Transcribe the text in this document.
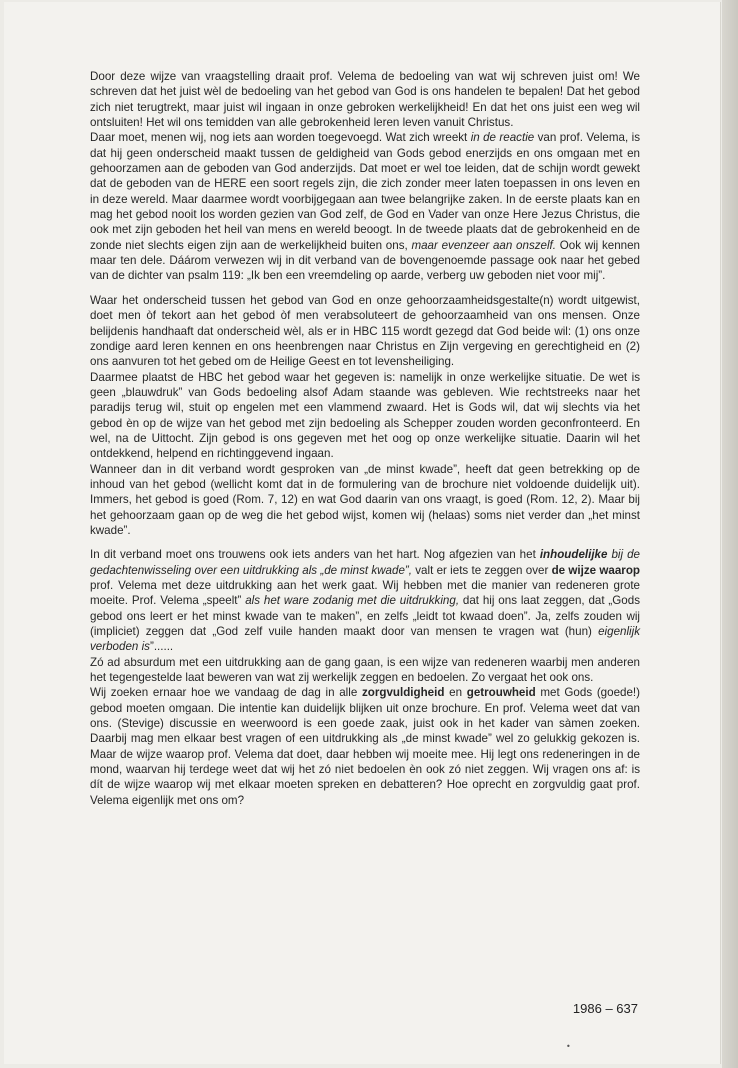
Door deze wijze van vraagstelling draait prof. Velema de bedoeling van wat wij schreven juist om! We schreven dat het juist wèl de bedoeling van het gebod van God is ons handelen te bepalen! Dat het gebod zich niet terugtrekt, maar juist wil ingaan in onze gebroken werkelijkheid! En dat het ons juist een weg wil ontsluiten! Het wil ons temidden van alle gebrokenheid leren leven vanuit Christus.

Daar moet, menen wij, nog iets aan worden toegevoegd. Wat zich wreekt in de reactie van prof. Velema, is dat hij geen onderscheid maakt tussen de geldigheid van Gods gebod enerzijds en ons omgaan met en gehoorzamen aan de geboden van God anderzijds. Dat moet er wel toe leiden, dat de schijn wordt gewekt dat de geboden van de HERE een soort regels zijn, die zich zonder meer laten toepassen in ons leven en in deze wereld. Maar daarmee wordt voorbijgegaan aan twee belangrijke zaken. In de eerste plaats kan en mag het gebod nooit los worden gezien van God zelf, de God en Vader van onze Here Jezus Christus, die ook met zijn geboden het heil van mens en wereld beoogt. In de tweede plaats dat de gebrokenheid en de zonde niet slechts eigen zijn aan de werkelijkheid buiten ons, maar evenzeer aan onszelf. Ook wij kennen maar ten dele. Dáárom verwezen wij in dit verband van de bovengenoemde passage ook naar het gebed van de dichter van psalm 119: „Ik ben een vreemdeling op aarde, verberg uw geboden niet voor mij”.

Waar het onderscheid tussen het gebod van God en onze gehoorzaamheidsgestalte(n) wordt uitgewist, doet men òf tekort aan het gebod òf men verabsoluteert de gehoorzaamheid van ons mensen. Onze belijdenis handhaaft dat onderscheid wèl, als er in HBC 115 wordt gezegd dat God beide wil: (1) ons onze zondige aard leren kennen en ons heenbrengen naar Christus en Zijn vergeving en gerechtigheid en (2) ons aanvuren tot het gebed om de Heilige Geest en tot levensheiliging.

Daarmee plaatst de HBC het gebod waar het gegeven is: namelijk in onze werkelijke situatie. De wet is geen „blauwdruk” van Gods bedoeling alsof Adam staande was gebleven. Wie rechtstreeks naar het paradijs terug wil, stuit op engelen met een vlammend zwaard. Het is Gods wil, dat wij slechts via het gebod èn op de wijze van het gebod met zijn bedoeling als Schepper zouden worden geconfronteerd. En wel, na de Uittocht. Zijn gebod is ons gegeven met het oog op onze werkelijke situatie. Daarin wil het ontdekkend, helpend en richtinggevend ingaan.

Wanneer dan in dit verband wordt gesproken van „de minst kwade”, heeft dat geen betrekking op de inhoud van het gebod (wellicht komt dat in de formulering van de brochure niet voldoende duidelijk uit). Immers, het gebod is goed (Rom. 7, 12) en wat God daarin van ons vraagt, is goed (Rom. 12, 2). Maar bij het gehoorzaam gaan op de weg die het gebod wijst, komen wij (helaas) soms niet verder dan „het minst kwade”.

In dit verband moet ons trouwens ook iets anders van het hart. Nog afgezien van het inhoudelijke bij de gedachtenwisseling over een uitdrukking als „de minst kwade”, valt er iets te zeggen over de wijze waarop prof. Velema met deze uitdrukking aan het werk gaat. Wij hebben met die manier van redeneren grote moeite. Prof. Velema „speelt” als het ware zodanig met die uitdrukking, dat hij ons laat zeggen, dat „Gods gebod ons leert er het minst kwade van te maken”, en zelfs „leidt tot kwaad doen”. Ja, zelfs zouden wij (impliciet) zeggen dat „God zelf vuile handen maakt door van mensen te vragen wat (hun) eigenlijk verboden is”......

Zó ad absurdum met een uitdrukking aan de gang gaan, is een wijze van redeneren waarbij men anderen het tegengestelde laat beweren van wat zij werkelijk zeggen en bedoelen. Zo vergaat het ook ons.

Wij zoeken ernaar hoe we vandaag de dag in alle zorgvuldigheid en getrouwheid met Gods (goede!) gebod moeten omgaan. Die intentie kan duidelijk blijken uit onze brochure. En prof. Velema weet dat van ons. (Stevige) discussie en weerwoord is een goede zaak, juist ook in het kader van sàmen zoeken. Daarbij mag men elkaar best vragen of een uitdrukking als „de minst kwade” wel zo gelukkig gekozen is. Maar de wijze waarop prof. Velema dat doet, daar hebben wij moeite mee. Hij legt ons redeneringen in de mond, waarvan hij terdege weet dat wij het zó niet bedoelen èn ook zó niet zeggen. Wij vragen ons af: is dít de wijze waarop wij met elkaar moeten spreken en debatteren? Hoe oprecht en zorgvuldig gaat prof. Velema eigenlijk met ons om?

1986 – 637
•
